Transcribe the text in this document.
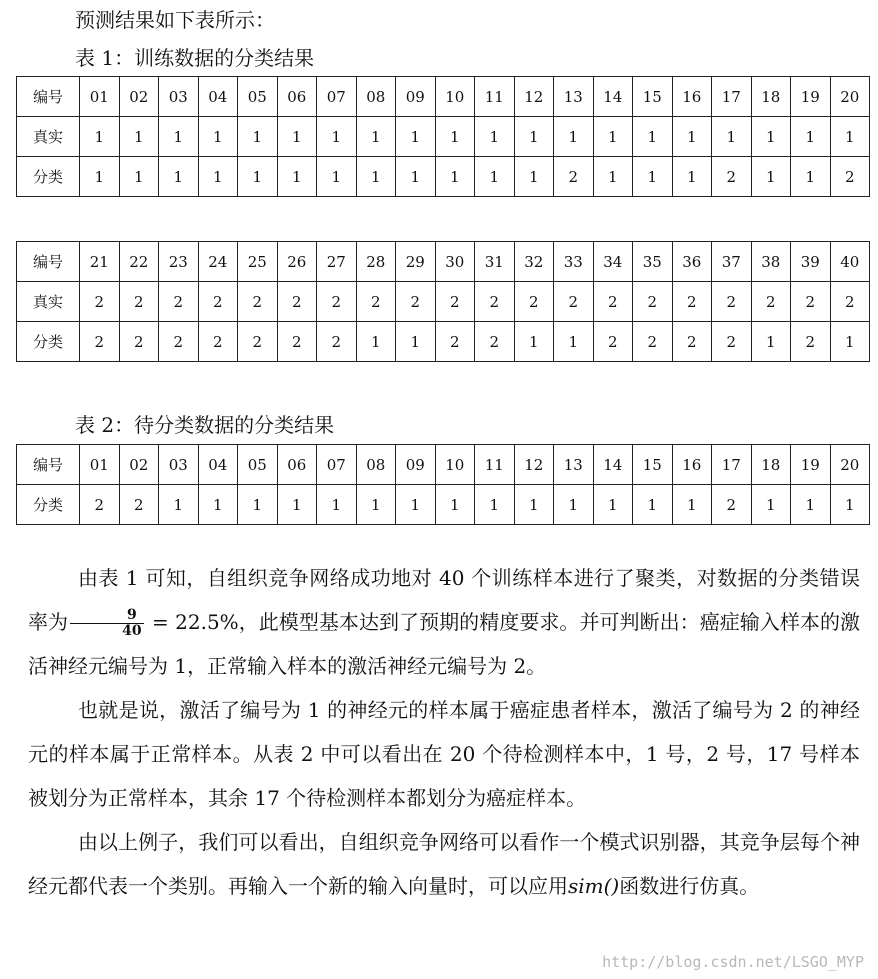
预测结果如下表所示：
表 1：训练数据的分类结果
编号	01	02	03	04	05	06	07	08	09	10	11	12	13	14	15	16	17	18	19	20
真实	1	1	1	1	1	1	1	1	1	1	1	1	1	1	1	1	1	1	1	1
分类	1	1	1	1	1	1	1	1	1	1	1	1	2	1	1	1	2	1	1	2
编号	21	22	23	24	25	26	27	28	29	30	31	32	33	34	35	36	37	38	39	40
真实	2	2	2	2	2	2	2	2	2	2	2	2	2	2	2	2	2	2	2	2
分类	2	2	2	2	2	2	2	1	1	2	2	1	1	2	2	2	2	1	2	1
表 2：待分类数据的分类结果
编号	01	02	03	04	05	06	07	08	09	10	11	12	13	14	15	16	17	18	19	20
分类	2	2	1	1	1	1	1	1	1	1	1	1	1	1	1	1	2	1	1	1

由表 1 可知，自组织竞争网络成功地对 40 个训练样本进行了聚类，对数据的分类错误率为 $\frac{9}{40} = 22.5\%$，此模型基本达到了预期的精度要求。并可判断出：癌症输入样本的激活神经元编号为 1，正常输入样本的激活神经元编号为 2。

也就是说，激活了编号为 1 的神经元的样本属于癌症患者样本，激活了编号为 2 的神经元的样本属于正常样本。从表 2 中可以看出在 20 个待检测样本中，1 号，2 号，17 号样本被划分为正常样本，其余 17 个待检测样本都划分为癌症样本。

由以上例子，我们可以看出，自组织竞争网络可以看作一个模式识别器，其竞争层每个神经元都代表一个类别。再输入一个新的输入向量时，可以应用sim()函数进行仿真。

http://blog.csdn.net/LSGO_MYP
